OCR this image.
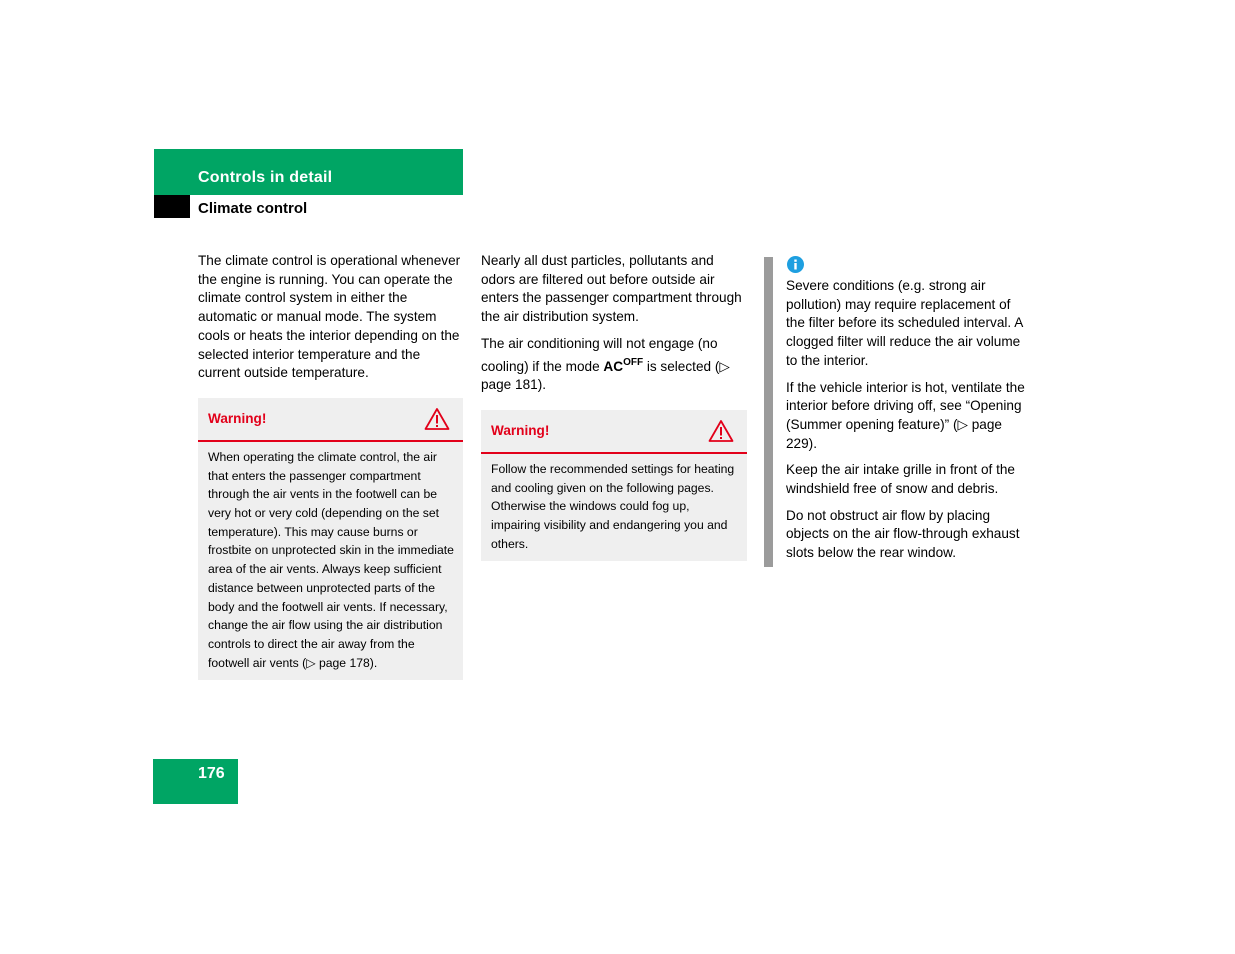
Controls in detail
Climate control

The climate control is operational whenever the engine is running. You can operate the climate control system in either the automatic or manual mode. The system cools or heats the interior depending on the selected interior temperature and the current outside temperature.

Warning!
When operating the climate control, the air that enters the passenger compartment through the air vents in the footwell can be very hot or very cold (depending on the set temperature). This may cause burns or frostbite on unprotected skin in the immediate area of the air vents. Always keep sufficient distance between unprotected parts of the body and the footwell air vents. If necessary, change the air flow using the air distribution controls to direct the air away from the footwell air vents (▷ page 178).

Nearly all dust particles, pollutants and odors are filtered out before outside air enters the passenger compartment through the air distribution system.

The air conditioning will not engage (no cooling) if the mode $AC^{OFF}$ is selected (▷ page 181).

Warning!
Follow the recommended settings for heating and cooling given on the following pages. Otherwise the windows could fog up, impairing visibility and endangering you and others.

Severe conditions (e.g. strong air pollution) may require replacement of the filter before its scheduled interval. A clogged filter will reduce the air volume to the interior.

If the vehicle interior is hot, ventilate the interior before driving off, see “Opening (Summer opening feature)” (▷ page 229).

Keep the air intake grille in front of the windshield free of snow and debris.

Do not obstruct air flow by placing objects on the air flow-through exhaust slots below the rear window.

176
